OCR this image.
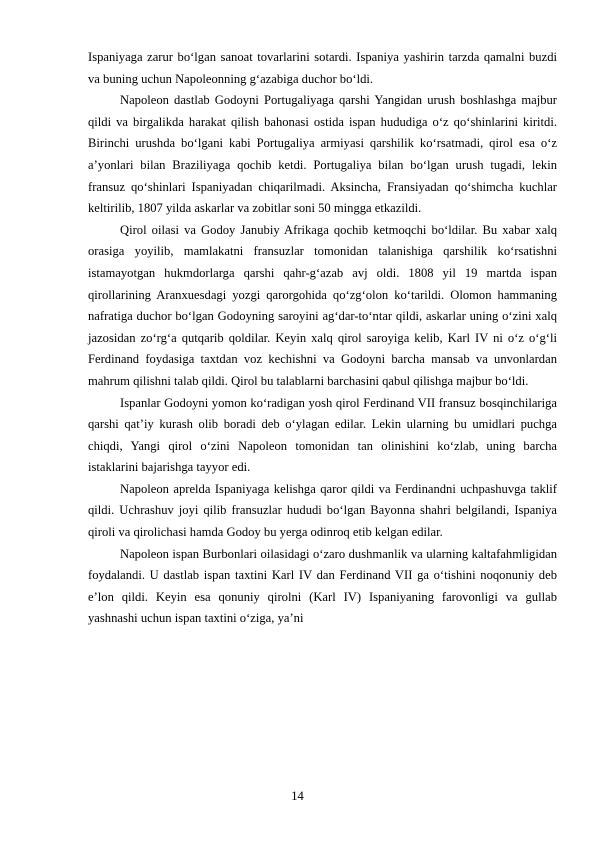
Ispaniyaga zarur bo‘lgan sanoat tovarlarini sotardi. Ispaniya yashirin tarzda qamalni buzdi va buning uchun Napoleonning g‘azabiga duchor bo‘ldi.

Napoleon dastlab Godoyni Portugaliyaga qarshi Yangidan urush boshlashga majbur qildi va birgalikda harakat qilish bahonasi ostida ispan hududiga o‘z qo‘shinlarini kiritdi. Birinchi urushda bo‘lgani kabi Portugaliya armiyasi qarshilik ko‘rsatmadi, qirol esa o‘z a’yonlari bilan Braziliyaga qochib ketdi. Portugaliya bilan bo‘lgan urush tugadi, lekin fransuz qo‘shinlari Ispaniyadan chiqarilmadi. Aksincha, Fransiyadan qo‘shimcha kuchlar keltirilib, 1807 yilda askarlar va zobitlar soni 50 mingga etkazildi.

Qirol oilasi va Godoy Janubiy Afrikaga qochib ketmoqchi bo‘ldilar. Bu xabar xalq orasiga yoyilib, mamlakatni fransuzlar tomonidan talanishiga qarshilik ko‘rsatishni istamayotgan hukmdorlarga qarshi qahr-g‘azab avj oldi. 1808 yil 19 martda ispan qirollarining Aranxuesdagi yozgi qarorgohida qo‘zg‘olon ko‘tarildi. Olomon hammaning nafratiga duchor bo‘lgan Godoyning saroyini ag‘dar-to‘ntar qildi, askarlar uning o‘zini xalq jazosidan zo‘rg‘a qutqarib qoldilar. Keyin xalq qirol saroyiga kelib, Karl IV ni o‘z o‘g‘li Ferdinand foydasiga taxtdan voz kechishni va Godoyni barcha mansab va unvonlardan mahrum qilishni talab qildi. Qirol bu talablarni barchasini qabul qilishga majbur bo‘ldi.

Ispanlar Godoyni yomon ko‘radigan yosh qirol Ferdinand VII fransuz bosqinchilariga qarshi qat’iy kurash olib boradi deb o‘ylagan edilar. Lekin ularning bu umidlari puchga chiqdi, Yangi qirol o‘zini Napoleon tomonidan tan olinishini ko‘zlab, uning barcha istaklarini bajarishga tayyor edi.

Napoleon aprelda Ispaniyaga kelishga qaror qildi va Ferdinandni uchpashuvga taklif qildi. Uchrashuv joyi qilib fransuzlar hududi bo‘lgan Bayonna shahri belgilandi, Ispaniya qiroli va qirolichasi hamda Godoy bu yerga odinroq etib kelgan edilar.

Napoleon ispan Burbonlari oilasidagi o‘zaro dushmanlik va ularning kaltafahmligidan foydalandi. U dastlab ispan taxtini Karl IV dan Ferdinand VII ga o‘tishini noqonuniy deb e’lon qildi. Keyin esa qonuniy qirolni (Karl IV) Ispaniyaning farovonligi va gullab yashnashi uchun ispan taxtini o‘ziga, ya’ni

14
